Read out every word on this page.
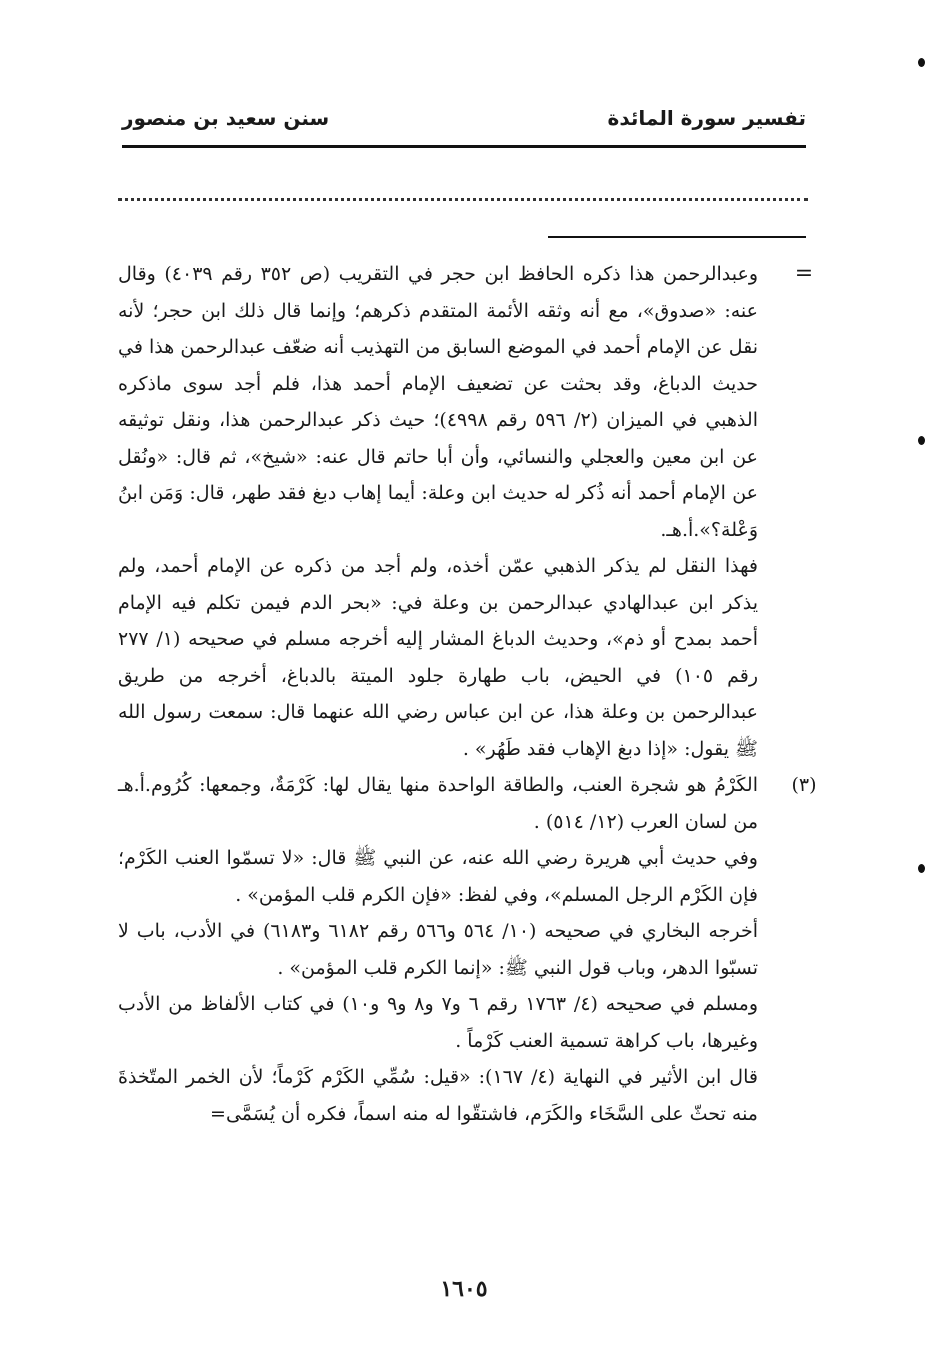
تفسير سورة المائدة
سنن سعيد بن منصور
=

وعبدالرحمن هذا ذكره الحافظ ابن حجر في التقريب (ص ٣٥٢ رقم ٤٠٣٩) وقال عنه: «صدوق»، مع أنه وثقه الأئمة المتقدم ذكرهم؛ وإنما قال ذلك ابن حجر؛ لأنه نقل عن الإمام أحمد في الموضع السابق من التهذيب أنه ضعّف عبدالرحمن هذا في حديث الدباغ، وقد بحثت عن تضعيف الإمام أحمد هذا، فلم أجد سوى ماذكره الذهبي في الميزان (٢/ ٥٩٦ رقم ٤٩٩٨)؛ حيث ذكر عبدالرحمن هذا، ونقل توثيقه عن ابن معين والعجلي والنسائي، وأن أبا حاتم قال عنه: «شيخ»، ثم قال: «ونُقل عن الإمام أحمد أنه ذُكر له حديث ابن وعلة: أيما إهاب دبغ فقد طهر، قال: وَمَن ابنُ وَعْلة؟».أ.هـ.

فهذا النقل لم يذكر الذهبي عمّن أخذه، ولم أجد من ذكره عن الإمام أحمد، ولم يذكر ابن عبدالهادي عبدالرحمن بن وعلة في: «بحر الدم فيمن تكلم فيه الإمام أحمد بمدح أو ذم»، وحديث الدباغ المشار إليه أخرجه مسلم في صحيحه (١/ ٢٧٧ رقم ١٠٥) في الحيض، باب طهارة جلود الميتة بالدباغ، أخرجه من طريق عبدالرحمن بن وعلة هذا، عن ابن عباس رضي الله عنهما قال: سمعت رسول الله ﷺ يقول: «إذا دبغ الإهاب فقد طَهُر» .

(٣)

الكَرْمُ هو شجرة العنب، والطاقة الواحدة منها يقال لها: كَرْمَةٌ، وجمعها: كُرُوم.أ.هـ من لسان العرب (١٢/ ٥١٤) .

وفي حديث أبي هريرة رضي الله عنه، عن النبي ﷺ قال: «لا تسمّوا العنب الكَرْم؛ فإن الكَرْم الرجل المسلم»، وفي لفظ: «فإن الكرم قلب المؤمن» .

أخرجه البخاري في صحيحه (١٠/ ٥٦٤ و٥٦٦ رقم ٦١٨٢ و٦١٨٣) في الأدب، باب لا تسبّوا الدهر، وباب قول النبي ﷺ: «إنما الكرم قلب المؤمن» .

ومسلم في صحيحه (٤/ ١٧٦٣ رقم ٦ و٧ و٨ و٩ و١٠) في كتاب الألفاظ من الأدب وغيرها، باب كراهة تسمية العنب كَرْماً .

قال ابن الأثير في النهاية (٤/ ١٦٧): «قيل: سُمِّي الكَرْم كَرْماً؛ لأن الخمر المتّخذةَ منه تحثّ على السَّخَاء والكَرَم، فاشتقّوا له منه اسماً، فكره أن يُسَمَّى=

١٦٠٥
